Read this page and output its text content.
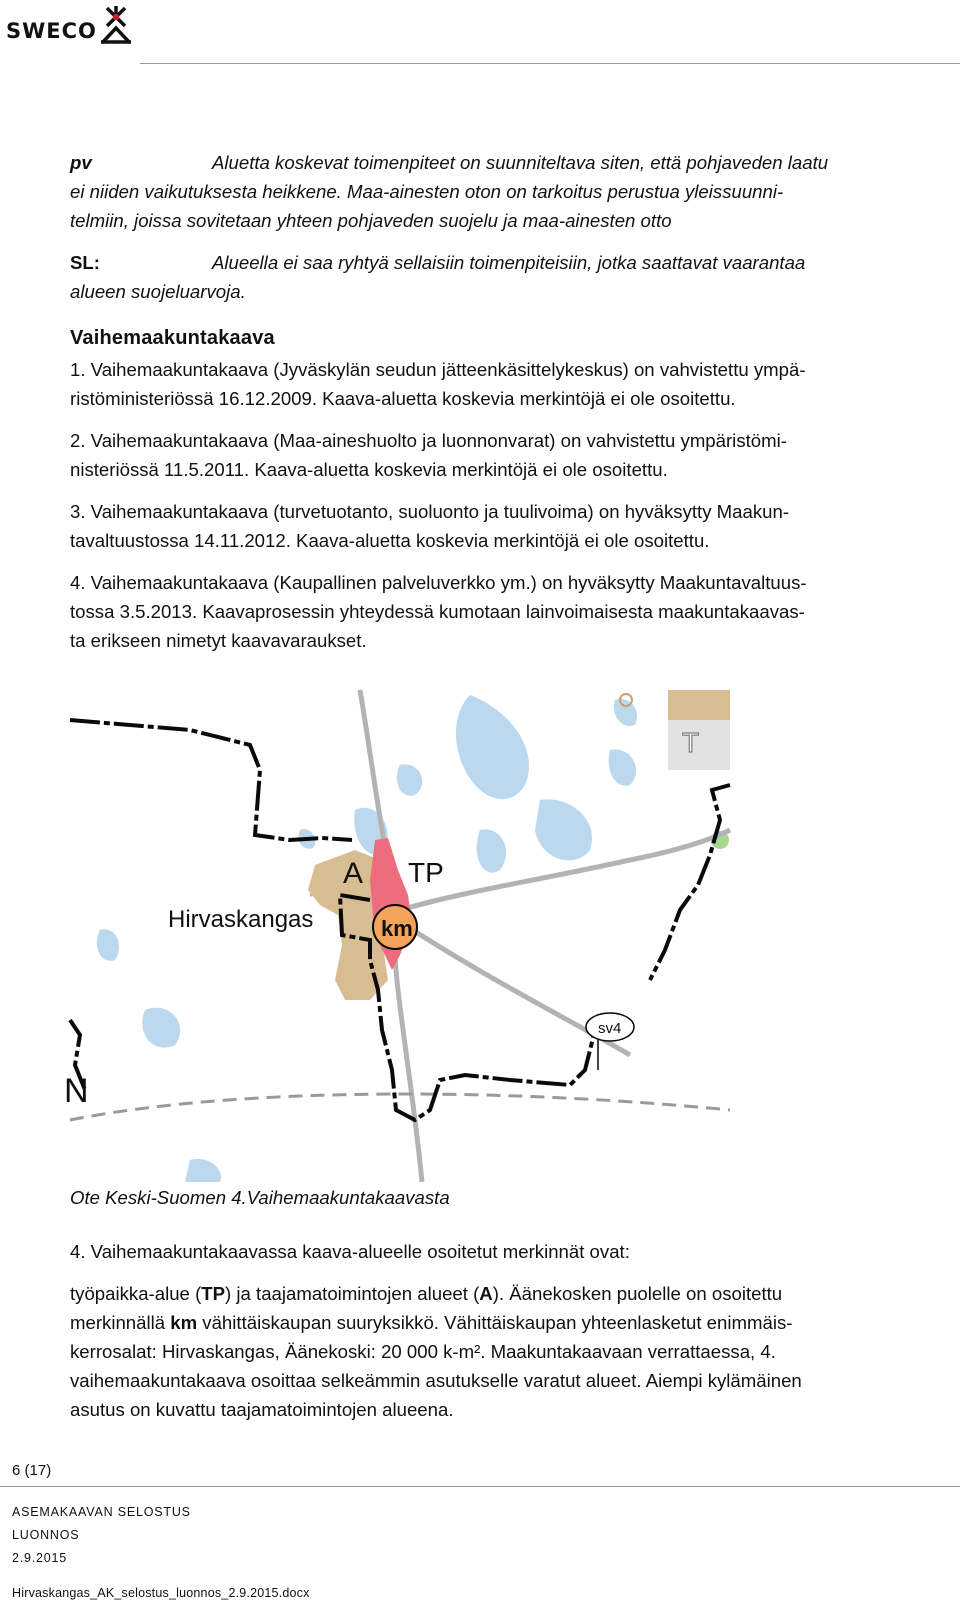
SWECO

pv	Aluetta koskevat toimenpiteet on suunniteltava siten, että pohjaveden laatu
ei niiden vaikutuksesta heikkene. Maa-ainesten oton on tarkoitus perustua yleissuunni-
telmiin, joissa sovitetaan yhteen pohjaveden suojelu ja maa-ainesten otto

SL:	Alueella ei saa ryhtyä sellaisiin toimenpiteisiin, jotka saattavat vaarantaa
alueen suojeluarvoja.

Vaihemaakuntakaava

1. Vaihemaakuntakaava (Jyväskylän seudun jätteenkäsittelykeskus) on vahvistettu ympä-
ristöministeriössä 16.12.2009. Kaava-aluetta koskevia merkintöjä ei ole osoitettu.

2. Vaihemaakuntakaava (Maa-aineshuolto ja luonnonvarat) on vahvistettu ympäristömi-
nisteriössä 11.5.2011. Kaava-aluetta koskevia merkintöjä ei ole osoitettu.

3. Vaihemaakuntakaava (turvetuotanto, suoluonto ja tuulivoima) on hyväksytty Maakun-
tavaltuustossa 14.11.2012. Kaava-aluetta koskevia merkintöjä ei ole osoitettu.

4. Vaihemaakuntakaava (Kaupallinen palveluverkko ym.) on hyväksytty Maakuntavaltuus-
tossa 3.5.2013. Kaavaprosessin yhteydessä kumotaan lainvoimaisesta maakuntakaavas-
ta erikseen nimetyt kaavavaraukset.

A TP
km
Hirvaskangas
T
sv4
N
Ote Keski-Suomen 4.Vaihemaakuntakaavasta

4. Vaihemaakuntakaavassa kaava-alueelle osoitetut merkinnät ovat:

työpaikka-alue (TP) ja taajamatoimintojen alueet (A). Äänekosken puolelle on osoitettu
merkinnällä km vähittäiskaupan suuryksikkö. Vähittäiskaupan yhteenlasketut enimmäis-
kerrosalat: Hirvaskangas, Äänekoski: 20 000 k-m². Maakuntakaavaan verrattaessa, 4.
vaihemaakuntakaava osoittaa selkeämmin asutukselle varatut alueet. Aiempi kylämäinen
asutus on kuvattu taajamatoimintojen alueena.

6 (17)
ASEMAKAAVAN SELOSTUS
LUONNOS
2.9.2015
Hirvaskangas_AK_selostus_luonnos_2.9.2015.docx
